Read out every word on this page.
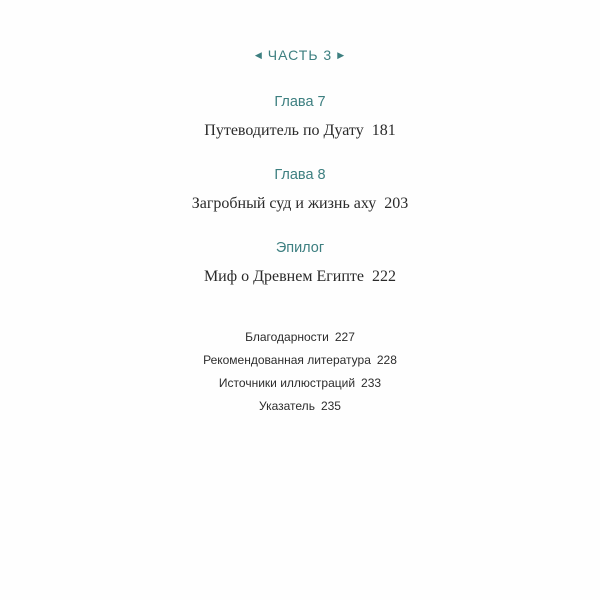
◀ ЧАСТЬ 3 ▶
Глава 7
Путеводитель по Дуату 181
Глава 8
Загробный суд и жизнь аху 203
Эпилог
Миф о Древнем Египте 222
Благодарности 227
Рекомендованная литература 228
Источники иллюстраций 233
Указатель 235
